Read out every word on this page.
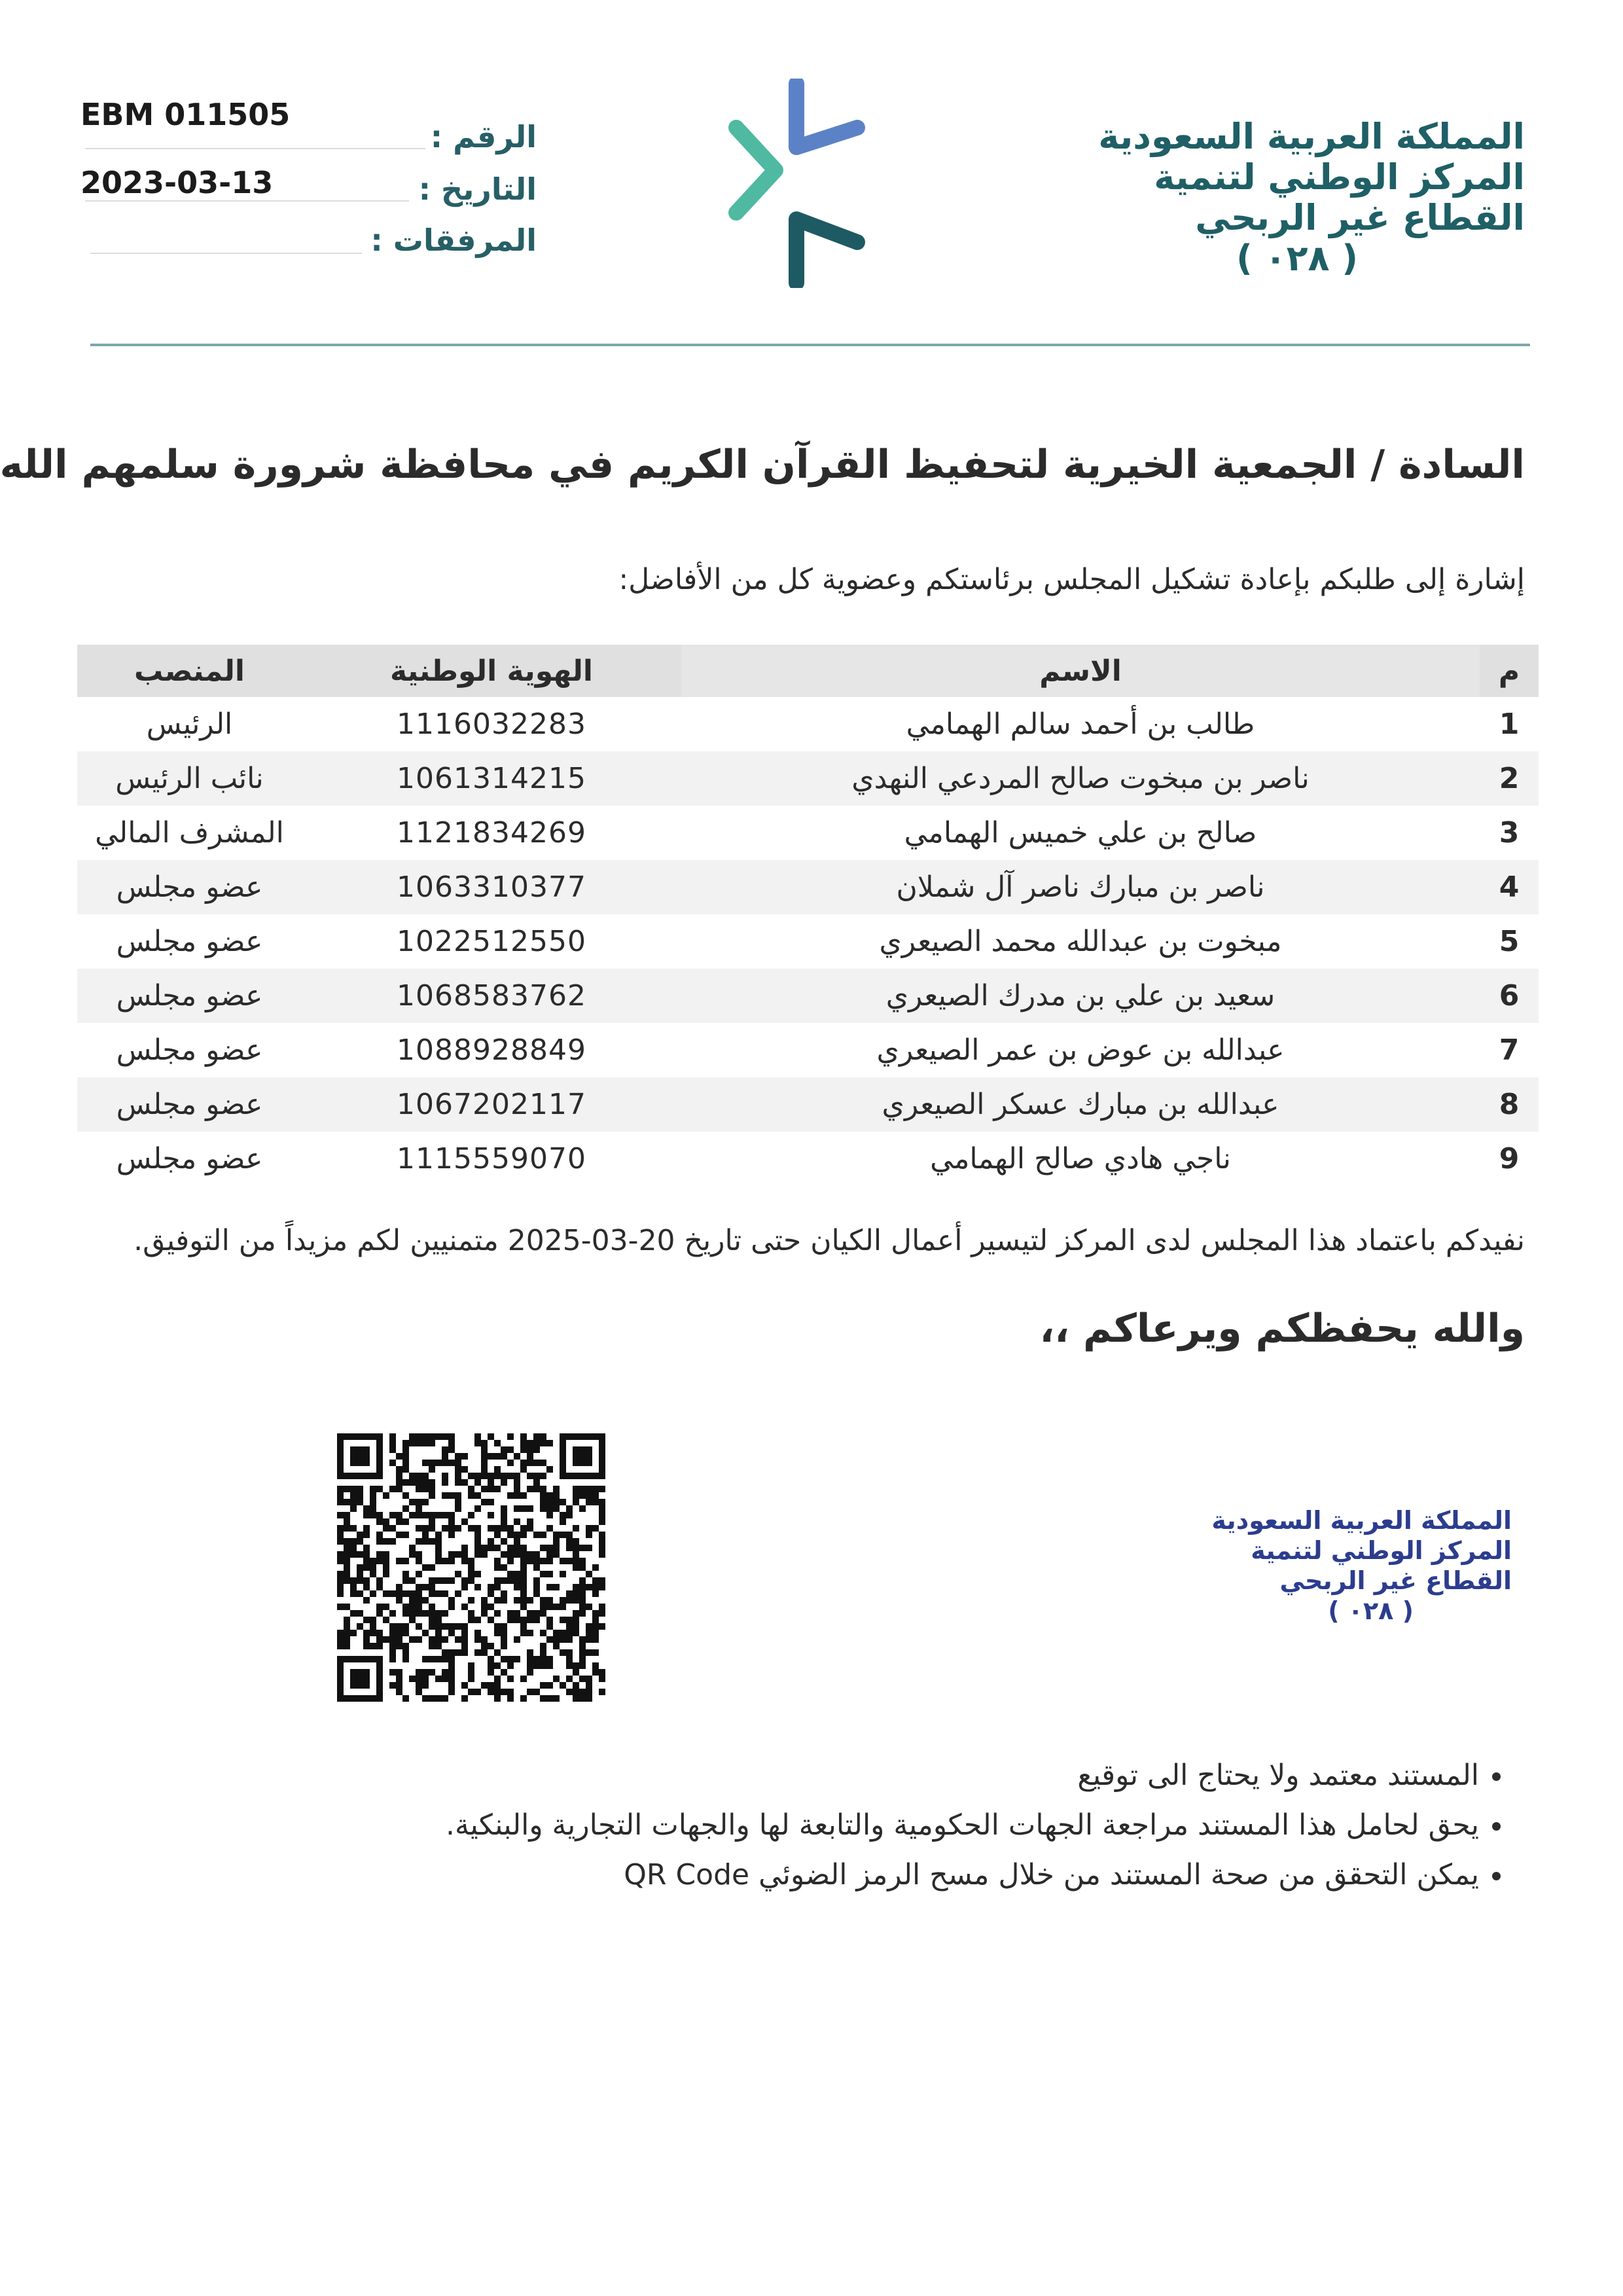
المملكة العربية السعودية
المركز الوطني لتنمية
القطاع غير الربحي
( ٠٢٨ )
الرقم :
EBM 011505
التاريخ :
2023-03-13
المرفقات :
السادة / الجمعية الخيرية لتحفيظ القرآن الكريم في محافظة شرورة سلمهم الله
إشارة إلى طلبكم بإعادة تشكيل المجلس برئاستكم وعضوية كل من الأفاضل:
م	الاسم	الهوية الوطنية	المنصب
1	طالب بن أحمد سالم الهمامي	1116032283	الرئيس
2	ناصر بن مبخوت صالح المردعي النهدي	1061314215	نائب الرئيس
3	صالح بن علي خميس الهمامي	1121834269	المشرف المالي
4	ناصر بن مبارك ناصر آل شملان	1063310377	عضو مجلس
5	مبخوت بن عبدالله محمد الصيعري	1022512550	عضو مجلس
6	سعيد بن علي بن مدرك الصيعري	1068583762	عضو مجلس
7	عبدالله بن عوض بن عمر الصيعري	1088928849	عضو مجلس
8	عبدالله بن مبارك عسكر الصيعري	1067202117	عضو مجلس
9	ناجي هادي صالح الهمامي	1115559070	عضو مجلس
نفيدكم باعتماد هذا المجلس لدى المركز لتيسير أعمال الكيان حتى تاريخ 20-03-2025 متمنيين لكم مزيداً من التوفيق.
والله يحفظكم ويرعاكم ،،
المملكة العربية السعودية
المركز الوطني لتنمية
القطاع غير الربحي
( ٠٢٨ )
• المستند معتمد ولا يحتاج الى توقيع
• يحق لحامل هذا المستند مراجعة الجهات الحكومية والتابعة لها والجهات التجارية والبنكية.
• يمكن التحقق من صحة المستند من خلال مسح الرمز الضوئي QR Code
